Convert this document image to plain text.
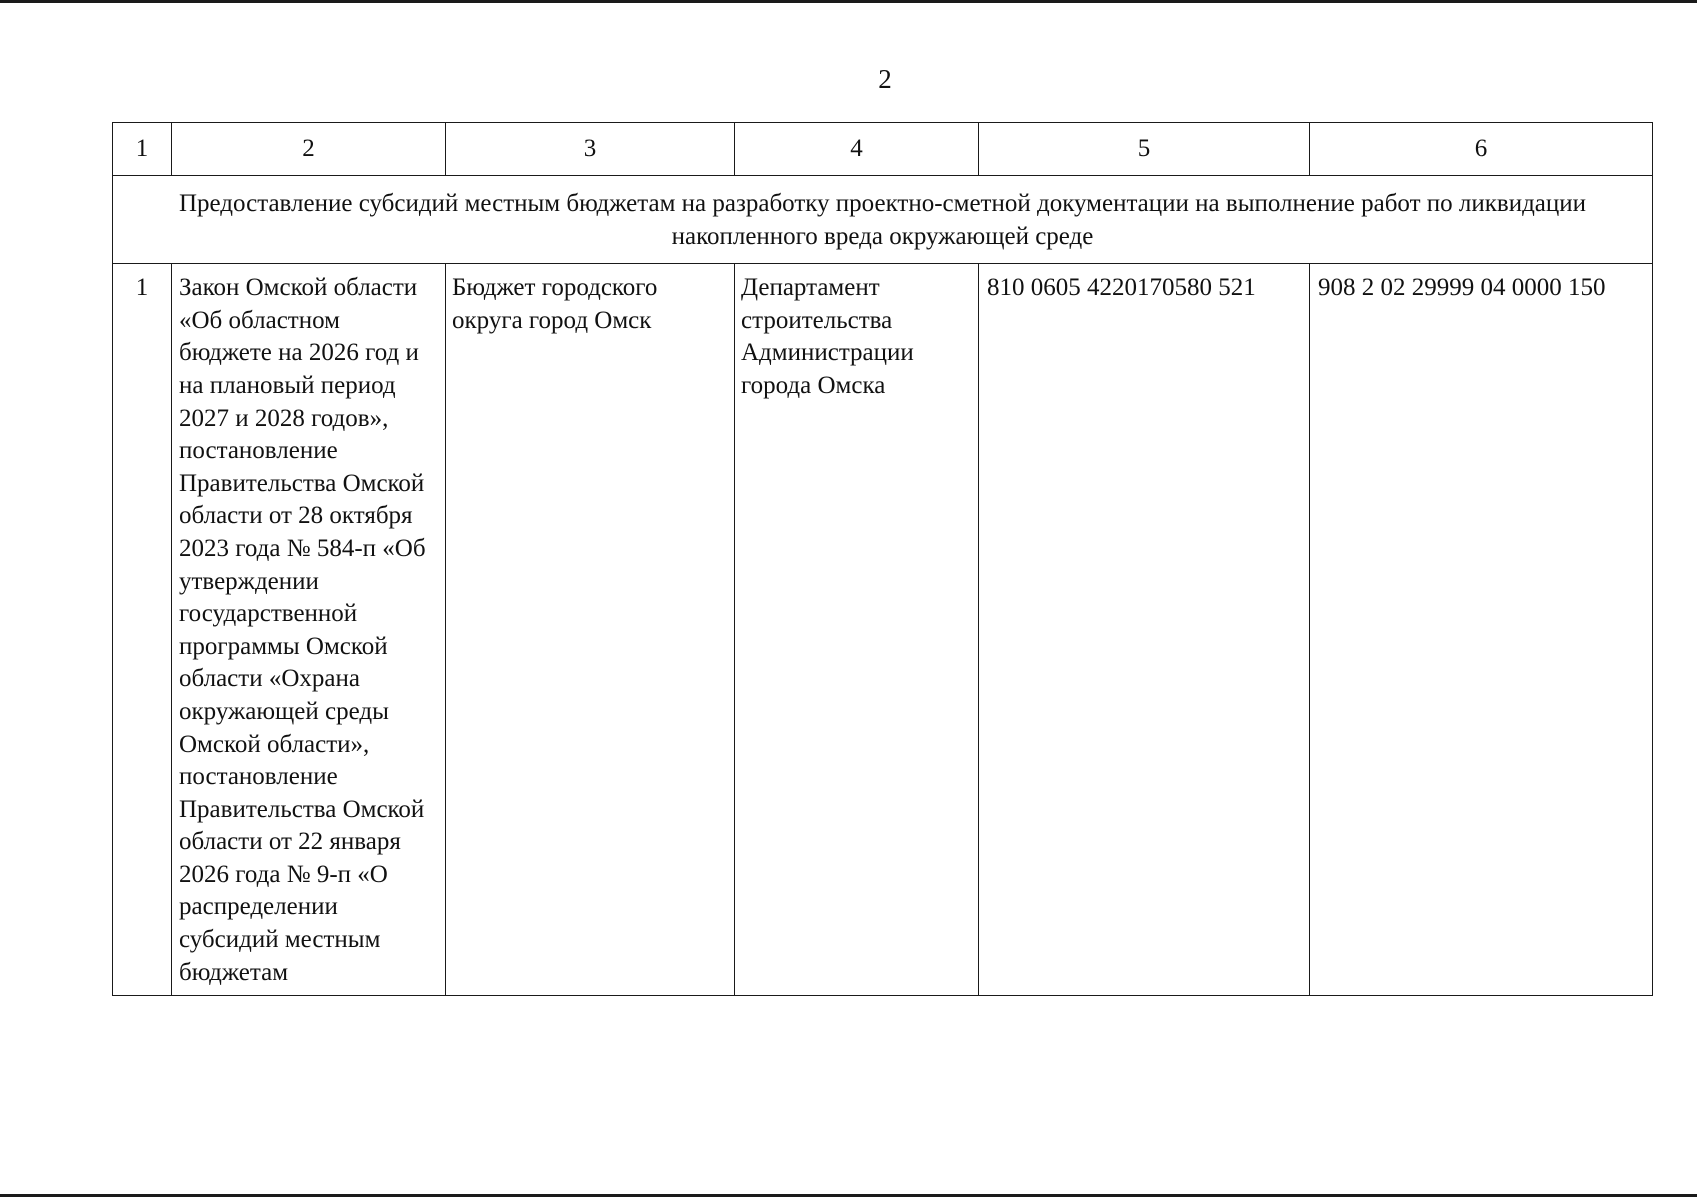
2
1	2	3	4	5	6
Предоставление субсидий местным бюджетам на разработку проектно-сметной документации на выполнение работ по ликвидации накопленного вреда окружающей среде					
1	Закон Омской области «Об областном бюджете на 2026 год и на плановый период 2027 и 2028 годов», постановление Правительства Омской области от 28 октября 2023 года № 584-п «Об утверждении государственной программы Омской области «Охрана окружающей среды Омской области», постановление Правительства Омской области от 22 января 2026 года № 9-п «О распределении субсидий местным бюджетам	Бюджет городского округа город Омск	Департамент строительства Администрации города Омска	810 0605 4220170580 521	908 2 02 29999 04 0000 150
